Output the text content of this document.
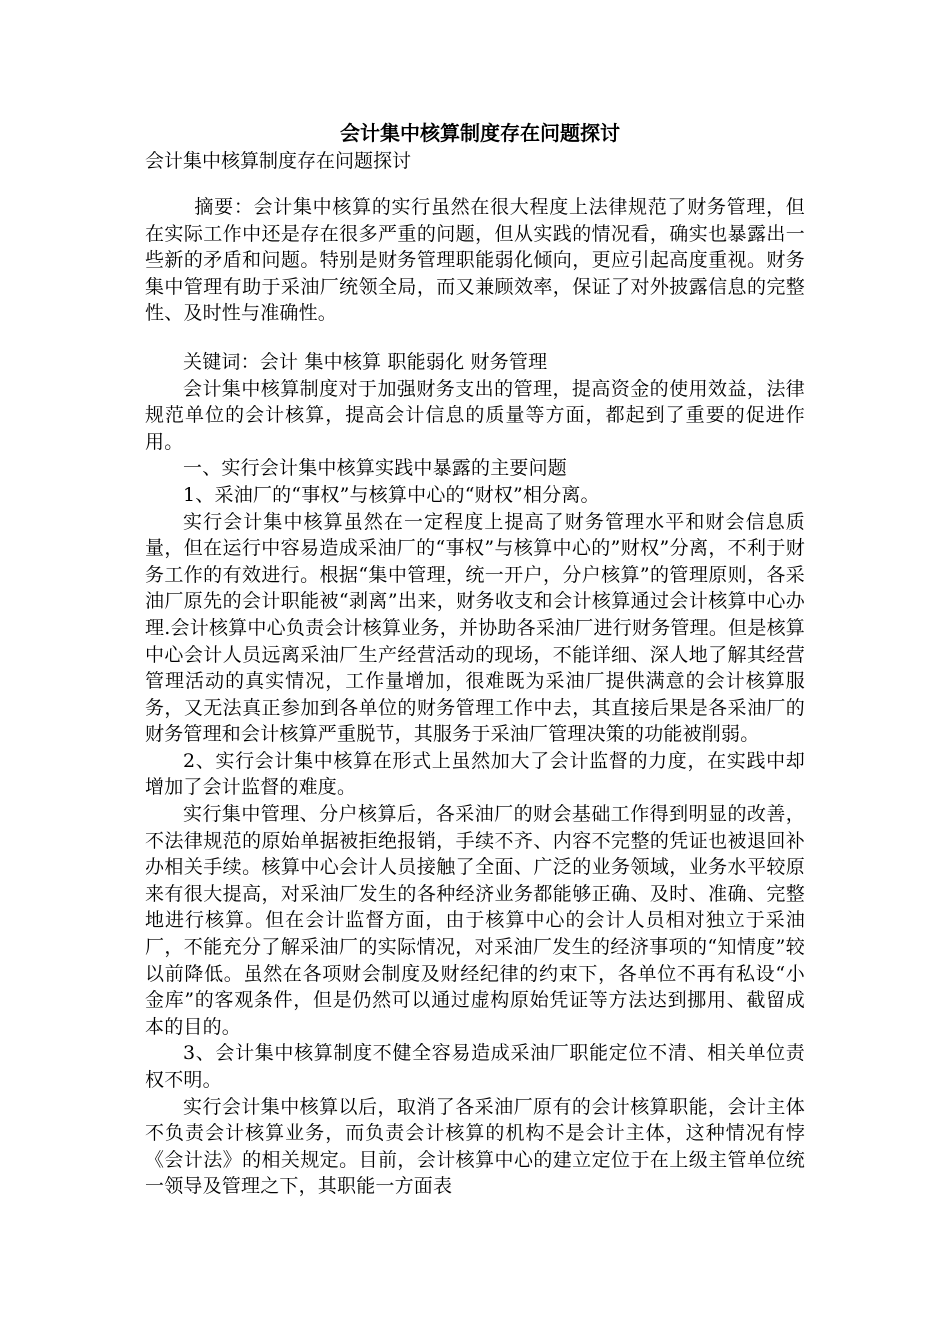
会计集中核算制度存在问题探讨

会计集中核算制度存在问题探讨

摘要：会计集中核算的实行虽然在很大程度上法律规范了财务管理，但在实际工作中还是存在很多严重的问题，但从实践的情况看，确实也暴露出一些新的矛盾和问题。特别是财务管理职能弱化倾向，更应引起高度重视。财务集中管理有助于采油厂统领全局，而又兼顾效率，保证了对外披露信息的完整性、及时性与准确性。

关键词：会计 集中核算 职能弱化 财务管理

会计集中核算制度对于加强财务支出的管理，提高资金的使用效益，法律规范单位的会计核算，提高会计信息的质量等方面，都起到了重要的促进作用。

一、实行会计集中核算实践中暴露的主要问题

1、采油厂的“事权”与核算中心的“财权”相分离。

实行会计集中核算虽然在一定程度上提高了财务管理水平和财会信息质量，但在运行中容易造成采油厂的“事权”与核算中心的”财权”分离，不利于财务工作的有效进行。根据“集中管理，统一开户，分户核算”的管理原则，各采油厂原先的会计职能被“剥离”出来，财务收支和会计核算通过会计核算中心办理.会计核算中心负责会计核算业务，并协助各采油厂进行财务管理。但是核算中心会计人员远离采油厂生产经营活动的现场，不能详细、深人地了解其经营管理活动的真实情况，工作量增加，很难既为采油厂提供满意的会计核算服务，又无法真正参加到各单位的财务管理工作中去，其直接后果是各采油厂的财务管理和会计核算严重脱节，其服务于采油厂管理决策的功能被削弱。

2、实行会计集中核算在形式上虽然加大了会计监督的力度，在实践中却增加了会计监督的难度。

实行集中管理、分户核算后，各采油厂的财会基础工作得到明显的改善，不法律规范的原始单据被拒绝报销，手续不齐、内容不完整的凭证也被退回补办相关手续。核算中心会计人员接触了全面、广泛的业务领域，业务水平较原来有很大提高，对采油厂发生的各种经济业务都能够正确、及时、准确、完整地进行核算。但在会计监督方面，由于核算中心的会计人员相对独立于采油厂，不能充分了解采油厂的实际情况，对采油厂发生的经济事项的“知情度”较以前降低。虽然在各项财会制度及财经纪律的约束下，各单位不再有私设“小金库”的客观条件，但是仍然可以通过虚构原始凭证等方法达到挪用、截留成本的目的。

3、会计集中核算制度不健全容易造成采油厂职能定位不清、相关单位责权不明。

实行会计集中核算以后，取消了各采油厂原有的会计核算职能，会计主体不负责会计核算业务，而负责会计核算的机构不是会计主体，这种情况有悖《会计法》的相关规定。目前，会计核算中心的建立定位于在上级主管单位统一领导及管理之下，其职能一方面表
